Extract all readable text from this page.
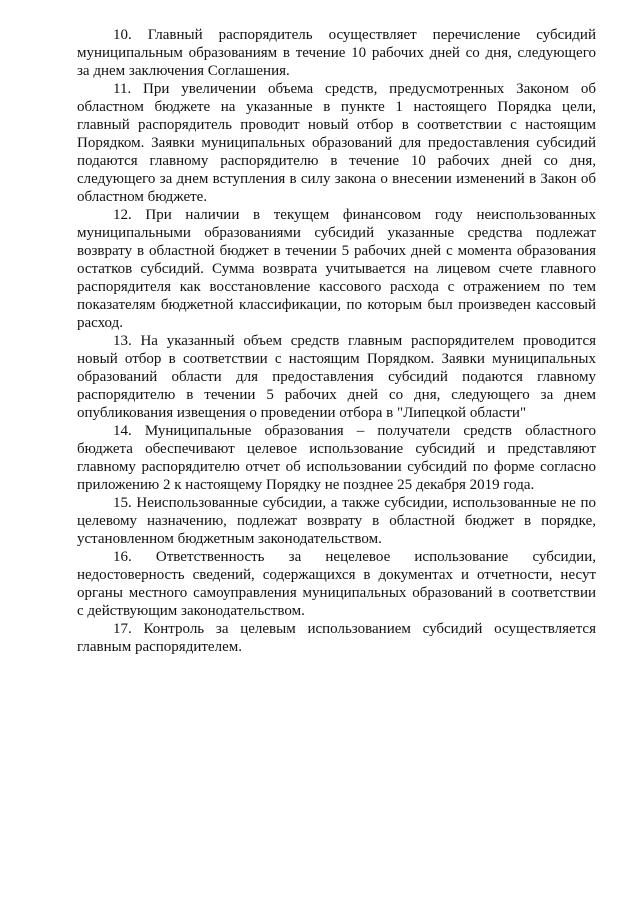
10. Главный распорядитель осуществляет перечисление субсидий
муниципальным образованиям в течение 10 рабочих дней со дня, следующего
за днем заключения Соглашения.
11. При увеличении объема средств, предусмотренных Законом об
областном бюджете на указанные в пункте 1 настоящего Порядка цели,
главный распорядитель проводит новый отбор в соответствии с настоящим
Порядком. Заявки муниципальных образований для предоставления субсидий
подаются главному распорядителю в течение 10 рабочих дней со дня,
следующего за днем вступления в силу закона о внесении изменений в Закон об
областном бюджете.
12. При наличии в текущем финансовом году неиспользованных
муниципальными образованиями субсидий указанные средства подлежат
возврату в областной бюджет в течении 5 рабочих дней с момента образования
остатков субсидий. Сумма возврата учитывается на лицевом счете главного
распорядителя как восстановление кассового расхода с отражением по тем
показателям бюджетной классификации, по которым был произведен кассовый
расход.
13. На указанный объем средств главным распорядителем проводится
новый отбор в соответствии с настоящим Порядком. Заявки муниципальных
образований области для предоставления субсидий подаются главному
распорядителю в течении 5 рабочих дней со дня, следующего за днем
опубликования извещения о проведении отбора в "Липецкой области"
14. Муниципальные образования – получатели средств областного
бюджета обеспечивают целевое использование субсидий и представляют
главному распорядителю отчет об использовании субсидий по форме согласно
приложению 2 к настоящему Порядку не позднее 25 декабря 2019 года.
15. Неиспользованные субсидии, а также субсидии, использованные не по
целевому назначению, подлежат возврату в областной бюджет в порядке,
установленном бюджетным законодательством.
16. Ответственность за нецелевое использование субсидии,
недостоверность сведений, содержащихся в документах и отчетности, несут
органы местного самоуправления муниципальных образований в соответствии
с действующим законодательством.
17. Контроль за целевым использованием субсидий осуществляется
главным распорядителем.
